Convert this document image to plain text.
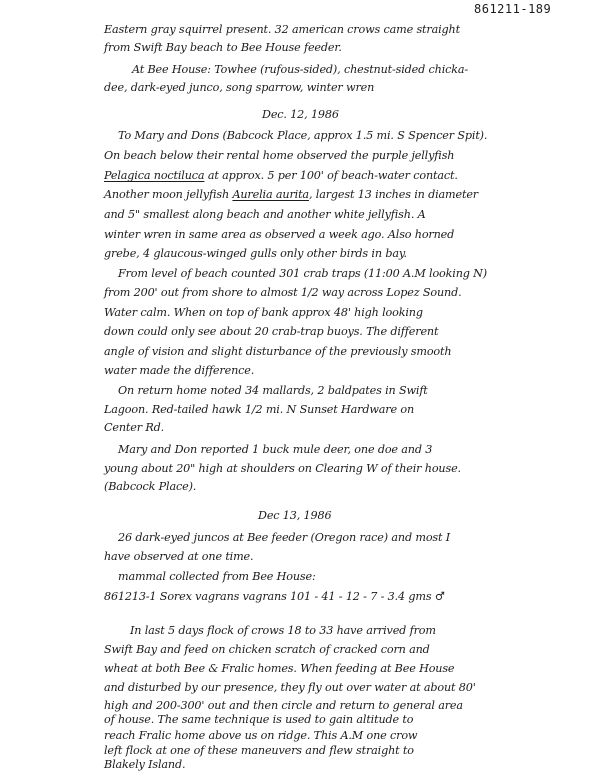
861211-189
Eastern gray squirrel present. 32 american crows came straight
from Swift Bay beach to Bee House feeder.
At Bee House: Towhee (rufous-sided), chestnut-sided chicka-
dee, dark-eyed junco, song sparrow, winter wren
Dec. 12, 1986
To Mary and Dons (Babcock Place, approx 1.5 mi. S Spencer Spit).
On beach below their rental home observed the purple jellyfish
Pelagica noctiluca at approx. 5 per 100' of beach-water contact.
Another moon jellyfish Aurelia aurita, largest 13 inches in diameter
and 5" smallest along beach and another white jellyfish. A
winter wren in same area as observed a week ago. Also horned
grebe, 4 glaucous-winged gulls only other birds in bay.
From level of beach counted 301 crab traps (11:00 A.M looking N)
from 200' out from shore to almost 1/2 way across Lopez Sound.
Water calm. When on top of bank approx 48' high looking
down could only see about 20 crab-trap buoys. The different
angle of vision and slight disturbance of the previously smooth
water made the difference.
On return home noted 34 mallards, 2 baldpates in Swift
Lagoon. Red-tailed hawk 1/2 mi. N Sunset Hardware on
Center Rd.
Mary and Don reported 1 buck mule deer, one doe and 3
young about 20" high at shoulders on Clearing W of their house.
(Babcock Place).
Dec 13, 1986
26 dark-eyed juncos at Bee feeder (Oregon race) and most I
have observed at one time.
mammal collected from Bee House:
861213-1 Sorex vagrans vagrans 101 - 41 - 12 - 7 - 3.4 gms ♂
In last 5 days flock of crows 18 to 33 have arrived from
Swift Bay and feed on chicken scratch of cracked corn and
wheat at both Bee & Fralic homes. When feeding at Bee House
and disturbed by our presence, they fly out over water at about 80'
high and 200-300' out and then circle and return to general area
of house. The same technique is used to gain altitude to
reach Fralic home above us on ridge. This A.M one crow
left flock at one of these maneuvers and flew straight to
Blakely Island.
